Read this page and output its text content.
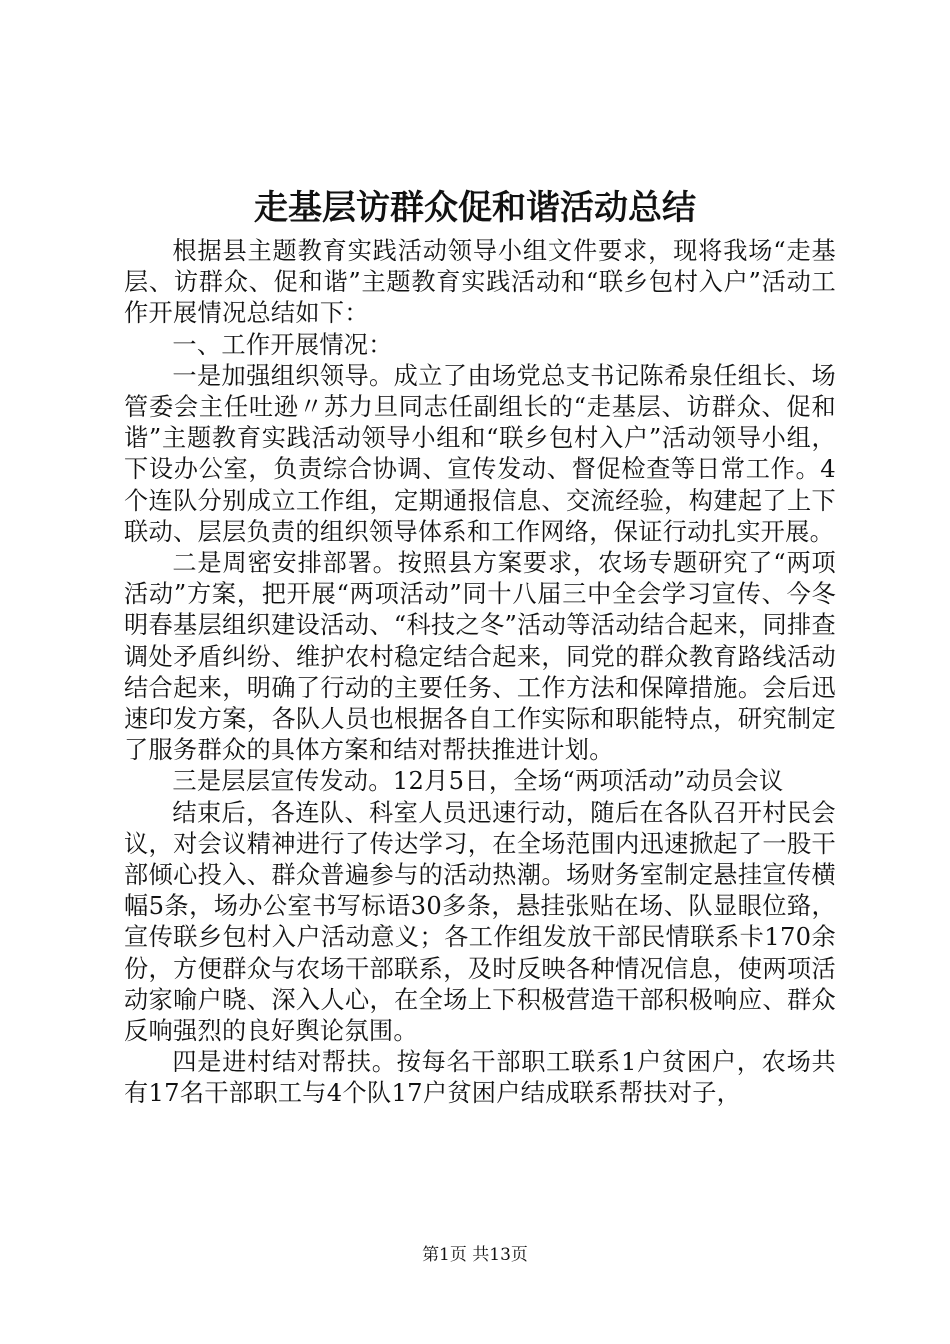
走基层访群众促和谐活动总结

根据县主题教育实践活动领导小组文件要求，现将我场“走基层、访群众、促和谐”主题教育实践活动和“联乡包村入户”活动工作开展情况总结如下：

一、工作开展情况：

一是加强组织领导。成立了由场党总支书记陈希泉任组长、场管委会主任吐逊〃苏力旦同志任副组长的“走基层、访群众、促和谐”主题教育实践活动领导小组和“联乡包村入户”活动领导小组，下设办公室，负责综合协调、宣传发动、督促检查等日常工作。4个连队分别成立工作组，定期通报信息、交流经验，构建起了上下联动、层层负责的组织领导体系和工作网络，保证行动扎实开展。

二是周密安排部署。按照县方案要求，农场专题研究了“两项活动”方案，把开展“两项活动”同十八届三中全会学习宣传、今冬明春基层组织建设活动、“科技之冬”活动等活动结合起来，同排查调处矛盾纠纷、维护农村稳定结合起来，同党的群众教育路线活动结合起来，明确了行动的主要任务、工作方法和保障措施。会后迅速印发方案，各队人员也根据各自工作实际和职能特点，研究制定了服务群众的具体方案和结对帮扶推进计划。

三是层层宣传发动。12月5日，全场“两项活动”动员会议

结束后，各连队、科室人员迅速行动，随后在各队召开村民会议，对会议精神进行了传达学习，在全场范围内迅速掀起了一股干部倾心投入、群众普遍参与的活动热潮。场财务室制定悬挂宣传横幅5条，场办公室书写标语30多条，悬挂张贴在场、队显眼位臵，宣传联乡包村入户活动意义；各工作组发放干部民情联系卡170余份，方便群众与农场干部联系，及时反映各种情况信息，使两项活动家喻户晓、深入人心，在全场上下积极营造干部积极响应、群众反响强烈的良好舆论氛围。

四是进村结对帮扶。按每名干部职工联系1户贫困户，农场共有17名干部职工与4个队17户贫困户结成联系帮扶对子，

第1页 共13页
